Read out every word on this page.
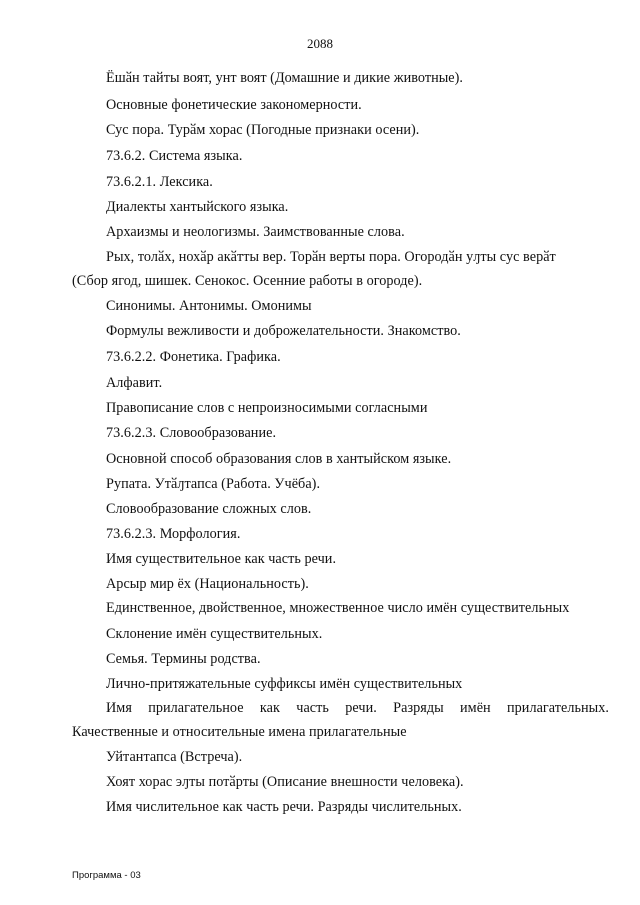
2088
Ёшӑн тайты воят, унт воят (Домашние и дикие животные).
Основные фонетические закономерности.
Сус пора. Турӑм хорас (Погодные признаки осени).
73.6.2. Система языка.
73.6.2.1. Лексика.
Диалекты хантыйского языка.
Архаизмы и неологизмы. Заимствованные слова.
Рых, толӑх, нохӑр акӑтты вер. Торӑн верты пора. Огородӑн уԓты сус верӑт
(Сбор ягод, шишек. Сенокос. Осенние работы в огороде).
Синонимы. Антонимы. Омонимы
Формулы вежливости и доброжелательности. Знакомство.
73.6.2.2. Фонетика. Графика.
Алфавит.
Правописание слов с непроизносимыми согласными
73.6.2.3. Словообразование.
Основной способ образования слов в хантыйском языке.
Рупата. Утӑԓтапса (Работа. Учёба).
Словообразование сложных слов.
73.6.2.3. Морфология.
Имя существительное как часть речи.
Арсыр мир ёх (Национальность).
Единственное, двойственное, множественное число имён существительных
Склонение имён существительных.
Семья. Термины родства.
Лично-притяжательные суффиксы имён существительных
Имя прилагательное как часть речи. Разряды имён прилагательных.
Качественные и относительные имена прилагательные
Уйтантапса (Встреча).
Хоят хорас эԓты потӑрты (Описание внешности человека).
Имя числительное как часть речи. Разряды числительных.
Программа - 03
